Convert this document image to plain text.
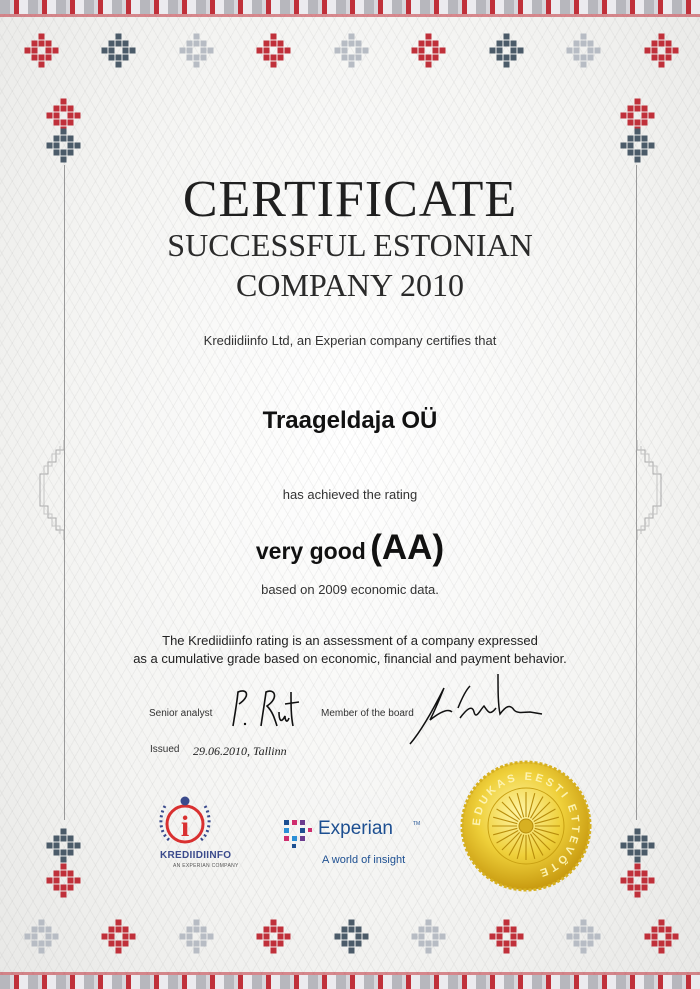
CERTIFICATE
SUCCESSFUL ESTONIAN
COMPANY 2010
Krediidiinfo Ltd, an Experian company certifies that
Traageldaja OÜ
has achieved the rating
very good (AA)
based on 2009 economic data.
The Krediidiinfo rating is an assessment of a company expressed
as a cumulative grade based on economic, financial and payment behavior.
Senior analyst	Member of the board
Issued 29.06.2010, Tallinn
i
KREDIIDIINFO
AN EXPERIAN COMPANY
Experian	TM
A world of insight
EDUKAS EESTI ETTEVÕTE
